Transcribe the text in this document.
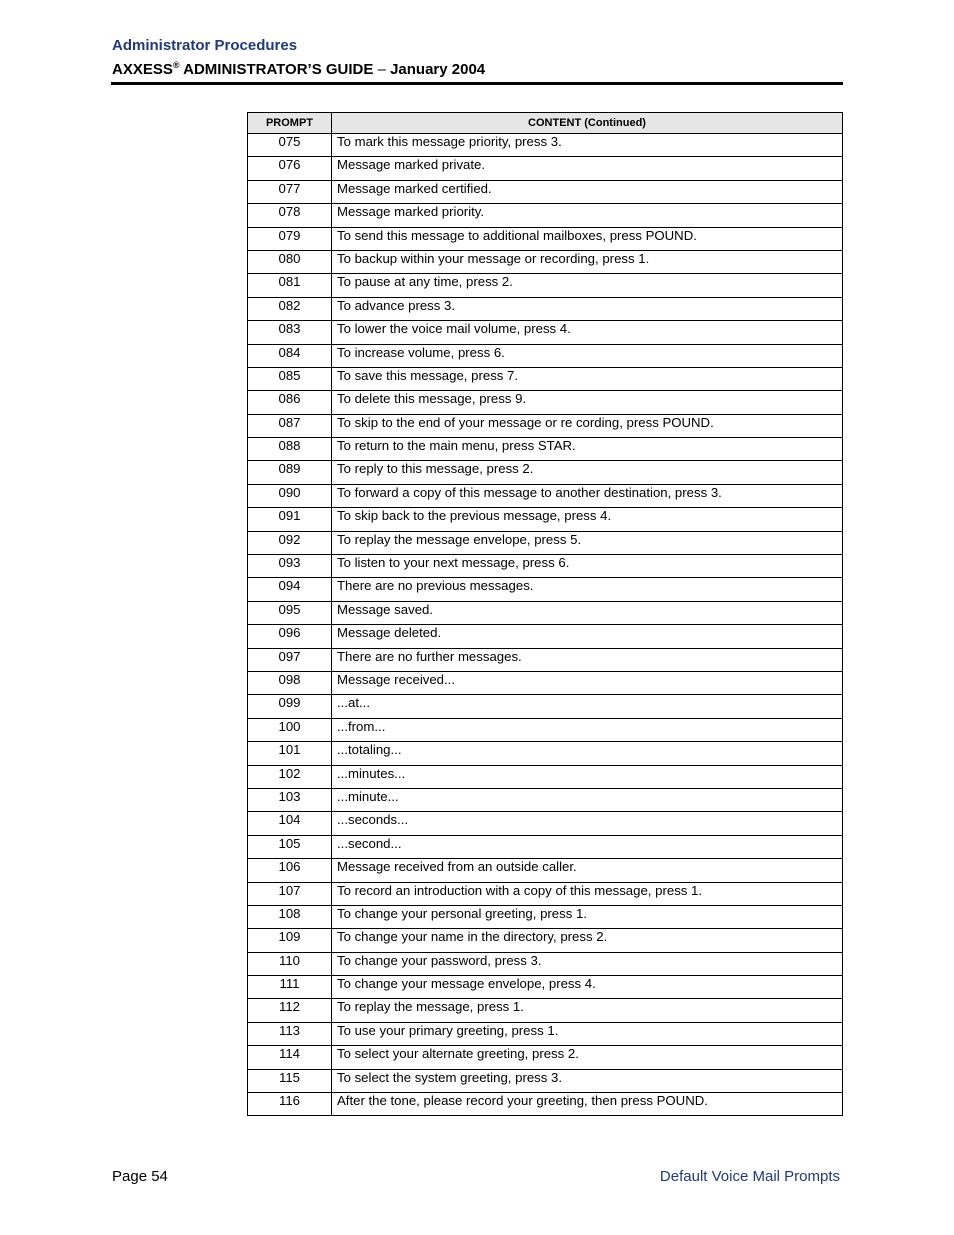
Administrator Procedures
AXXESS® ADMINISTRATOR’S GUIDE – January 2004
PROMPT	CONTENT (Continued)
075	To mark this message priority, press 3.
076	Message marked private.
077	Message marked certified.
078	Message marked priority.
079	To send this message to additional mailboxes, press POUND.
080	To backup within your message or recording, press 1.
081	To pause at any time, press 2.
082	To advance press 3.
083	To lower the voice mail volume, press 4.
084	To increase volume, press 6.
085	To save this message, press 7.
086	To delete this message, press 9.
087	To skip to the end of your message or re cording, press POUND.
088	To return to the main menu, press STAR.
089	To reply to this message, press 2.
090	To forward a copy of this message to another destination, press 3.
091	To skip back to the previous message, press 4.
092	To replay the message envelope, press 5.
093	To listen to your next message, press 6.
094	There are no previous messages.
095	Message saved.
096	Message deleted.
097	There are no further messages.
098	Message received...
099	...at...
100	...from...
101	...totaling...
102	...minutes...
103	...minute...
104	...seconds...
105	...second...
106	Message received from an outside caller.
107	To record an introduction with a copy of this message, press 1.
108	To change your personal greeting, press 1.
109	To change your name in the directory, press 2.
110	To change your password, press 3.
111	To change your message envelope, press 4.
112	To replay the message, press 1.
113	To use your primary greeting, press 1.
114	To select your alternate greeting, press 2.
115	To select the system greeting, press 3.
116	After the tone, please record your greeting, then press POUND.
Page 54	Default Voice Mail Prompts
